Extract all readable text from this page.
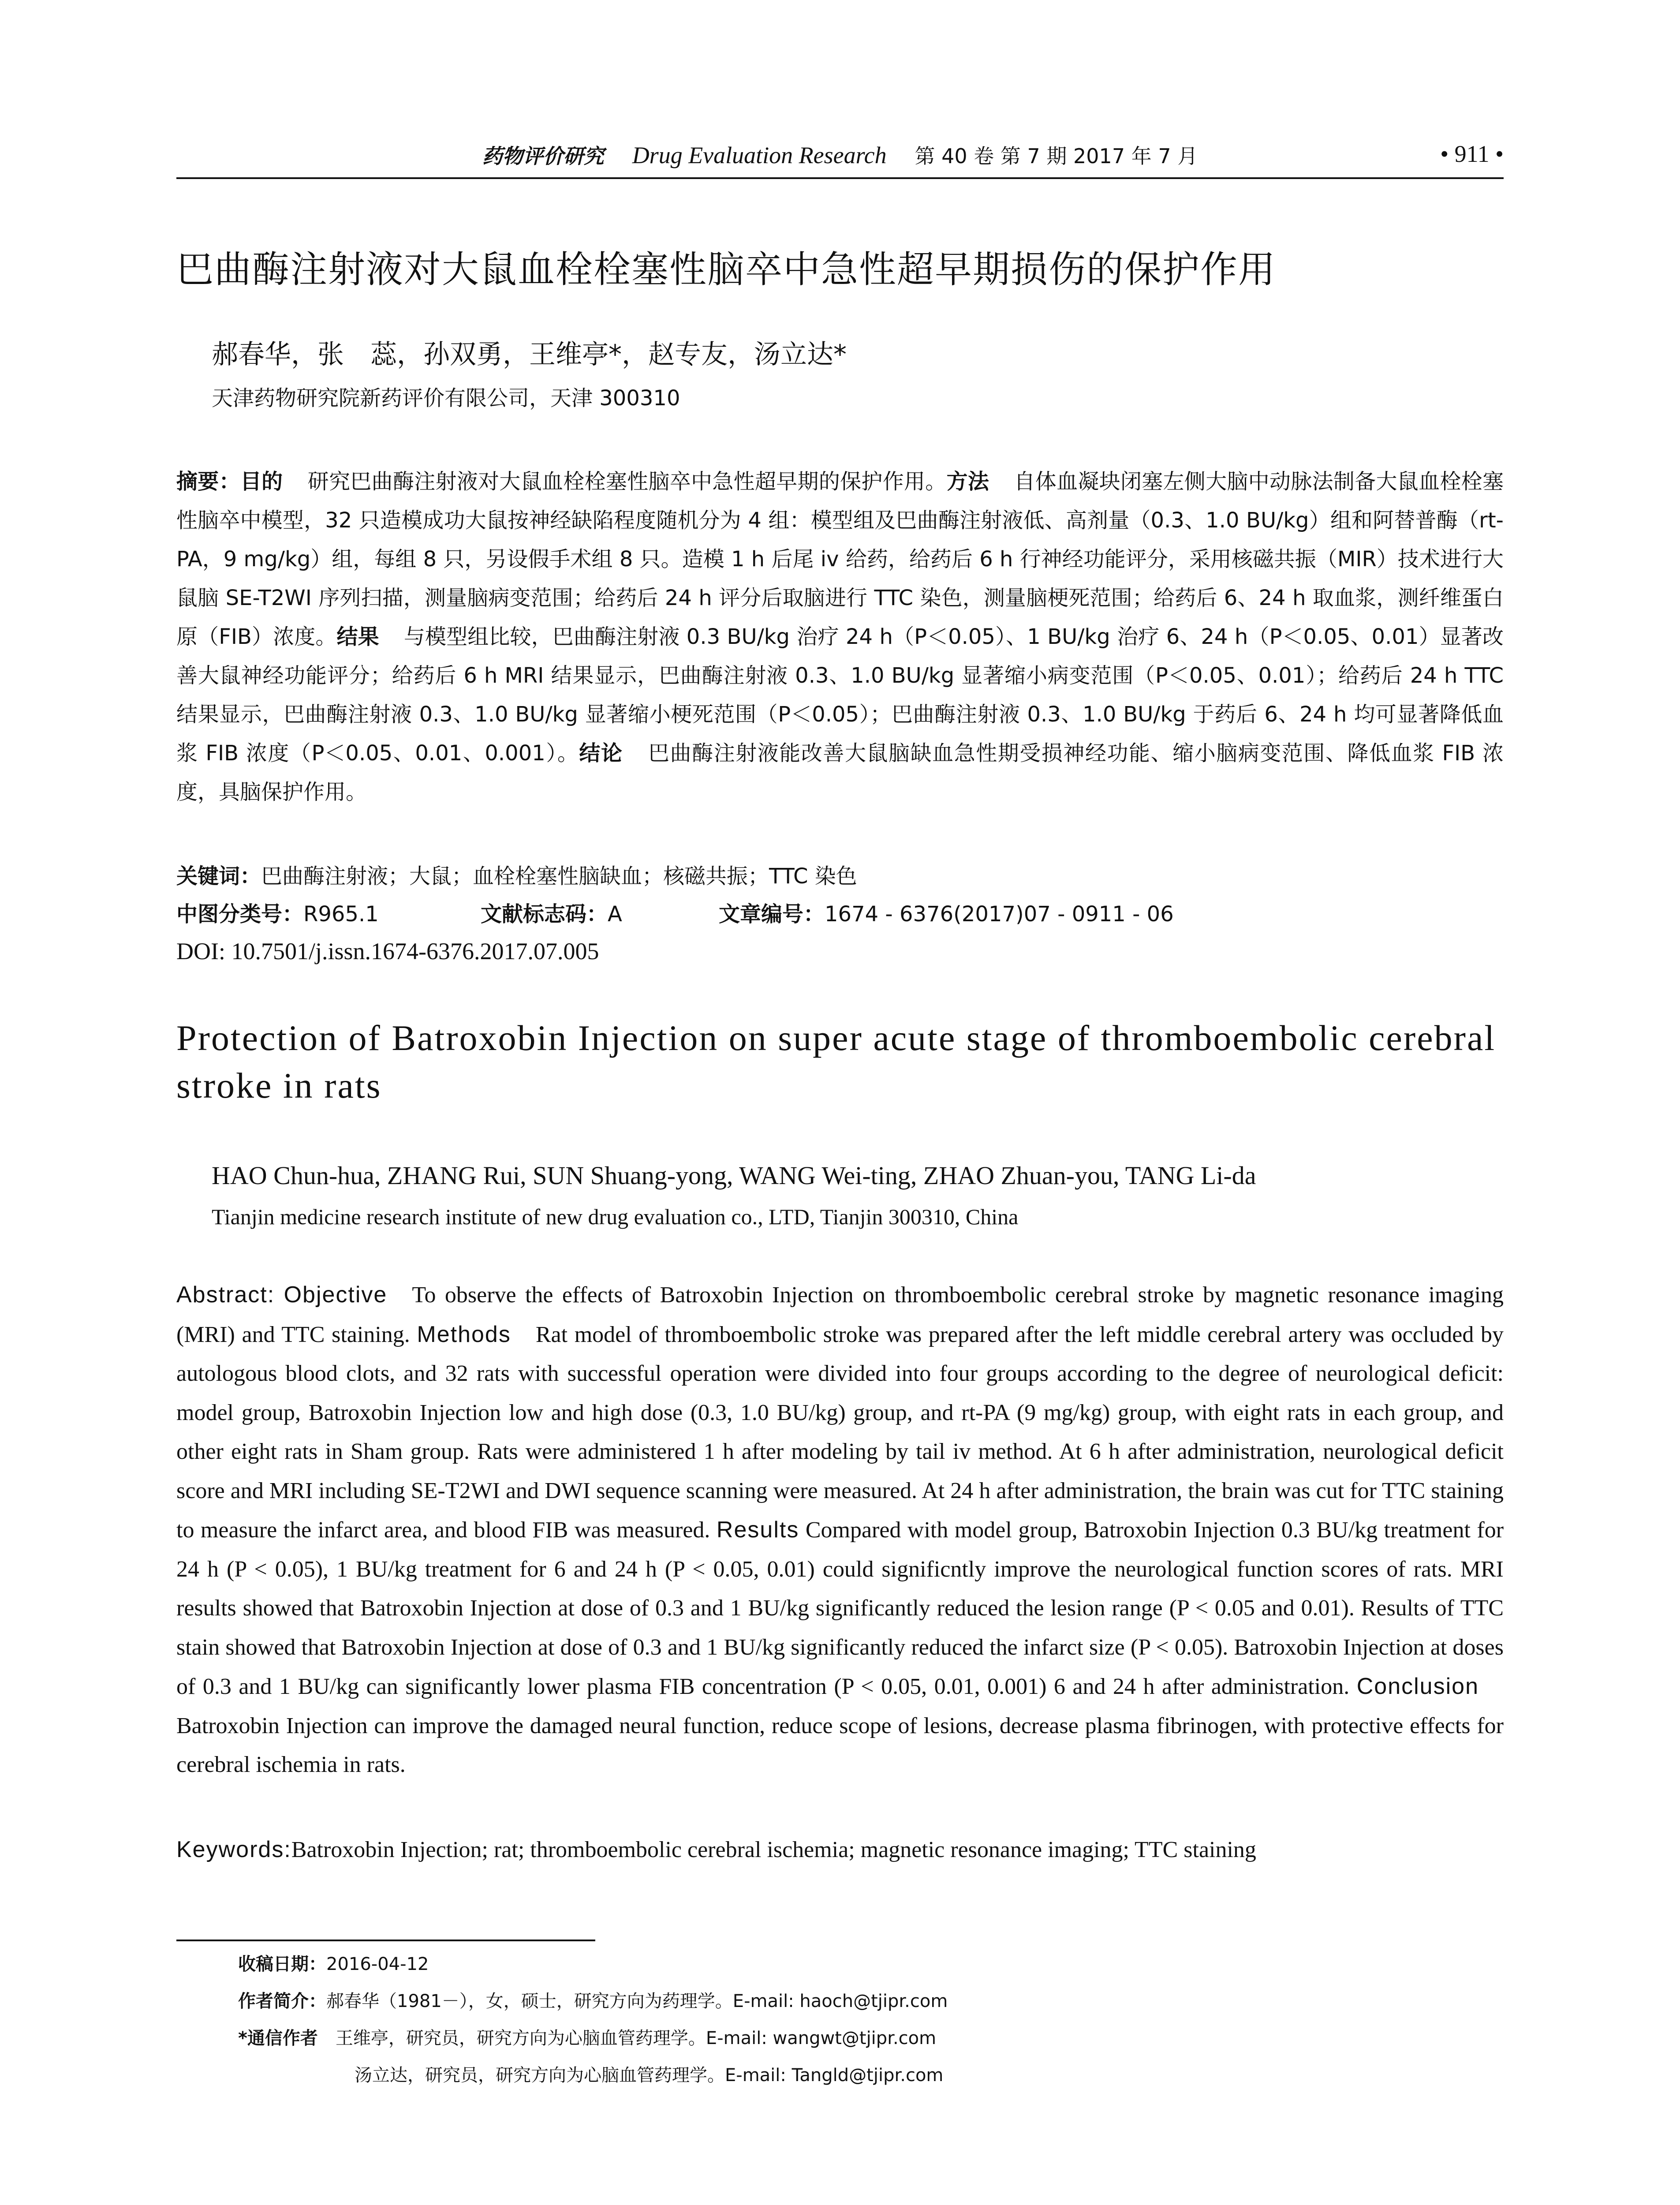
药物评价研究 Drug Evaluation Research 第 40 卷 第 7 期 2017 年 7 月	• 911 •
巴曲酶注射液对大鼠血栓栓塞性脑卒中急性超早期损伤的保护作用
郝春华，张　蕊，孙双勇，王维亭*，赵专友，汤立达*
天津药物研究院新药评价有限公司，天津 300310
摘要：目的 研究巴曲酶注射液对大鼠血栓栓塞性脑卒中急性超早期的保护作用。方法 自体血凝块闭塞左侧大脑中动脉法制备大鼠血栓栓塞性脑卒中模型，32 只造模成功大鼠按神经缺陷程度随机分为 4 组：模型组及巴曲酶注射液低、高剂量（0.3、1.0 BU/kg）组和阿替普酶（rt-PA，9 mg/kg）组，每组 8 只，另设假手术组 8 只。造模 1 h 后尾 iv 给药，给药后 6 h 行神经功能评分，采用核磁共振（MIR）技术进行大鼠脑 SE-T2WI 序列扫描，测量脑病变范围；给药后 24 h 评分后取脑进行 TTC 染色，测量脑梗死范围；给药后 6、24 h 取血浆，测纤维蛋白原（FIB）浓度。结果 与模型组比较，巴曲酶注射液 0.3 BU/kg 治疗 24 h（P＜0.05）、1 BU/kg 治疗 6、24 h（P＜0.05、0.01）显著改善大鼠神经功能评分；给药后 6 h MRI 结果显示，巴曲酶注射液 0.3、1.0 BU/kg 显著缩小病变范围（P＜0.05、0.01）；给药后 24 h TTC 结果显示，巴曲酶注射液 0.3、1.0 BU/kg 显著缩小梗死范围（P＜0.05）；巴曲酶注射液 0.3、1.0 BU/kg 于药后 6、24 h 均可显著降低血浆 FIB 浓度（P＜0.05、0.01、0.001）。结论 巴曲酶注射液能改善大鼠脑缺血急性期受损神经功能、缩小脑病变范围、降低血浆 FIB 浓度，具脑保护作用。
关键词：巴曲酶注射液；大鼠；血栓栓塞性脑缺血；核磁共振；TTC 染色
中图分类号：R965.1	文献标志码：A	文章编号：1674 - 6376(2017)07 - 0911 - 06
DOI: 10.7501/j.issn.1674-6376.2017.07.005
Protection of Batroxobin Injection on super acute stage of thromboembolic cerebral stroke in rats
HAO Chun-hua, ZHANG Rui, SUN Shuang-yong, WANG Wei-ting, ZHAO Zhuan-you, TANG Li-da
Tianjin medicine research institute of new drug evaluation co., LTD, Tianjin 300310, China
Abstract: Objective To observe the effects of Batroxobin Injection on thromboembolic cerebral stroke by magnetic resonance imaging (MRI) and TTC staining. Methods Rat model of thromboembolic stroke was prepared after the left middle cerebral artery was occluded by autologous blood clots, and 32 rats with successful operation were divided into four groups according to the degree of neurological deficit: model group, Batroxobin Injection low and high dose (0.3, 1.0 BU/kg) group, and rt-PA (9 mg/kg) group, with eight rats in each group, and other eight rats in Sham group. Rats were administered 1 h after modeling by tail iv method. At 6 h after administration, neurological deficit score and MRI including SE-T2WI and DWI sequence scanning were measured. At 24 h after administration, the brain was cut for TTC staining to measure the infarct area, and blood FIB was measured. Results Compared with model group, Batroxobin Injection 0.3 BU/kg treatment for 24 h (P < 0.05), 1 BU/kg treatment for 6 and 24 h (P < 0.05, 0.01) could significntly improve the neurological function scores of rats. MRI results showed that Batroxobin Injection at dose of 0.3 and 1 BU/kg significantly reduced the lesion range (P < 0.05 and 0.01). Results of TTC stain showed that Batroxobin Injection at dose of 0.3 and 1 BU/kg significantly reduced the infarct size (P < 0.05). Batroxobin Injection at doses of 0.3 and 1 BU/kg can significantly lower plasma FIB concentration (P < 0.05, 0.01, 0.001) 6 and 24 h after administration. ConclusionBatroxobin Injection can improve the damaged neural function, reduce scope of lesions, decrease plasma fibrinogen, with protective effects for cerebral ischemia in rats.
Keywords:Batroxobin Injection; rat; thromboembolic cerebral ischemia; magnetic resonance imaging; TTC staining
收稿日期：2016-04-12
作者简介：郝春华（1981－），女，硕士，研究方向为药理学。E-mail: haoch@tjipr.com
*通信作者　 王维亭，研究员，研究方向为心脑血管药理学。E-mail: wangwt@tjipr.com
汤立达，研究员，研究方向为心脑血管药理学。E-mail: Tangld@tjipr.com
